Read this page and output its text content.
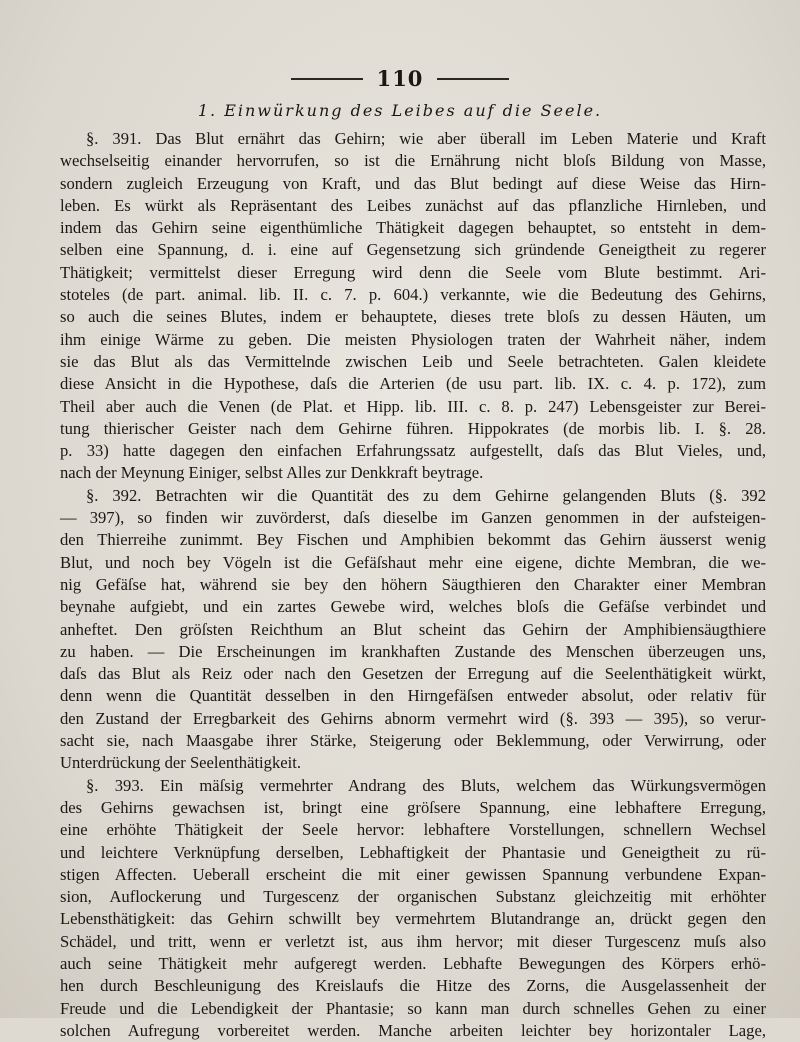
110
1. Einwürkung des Leibes auf die Seele.
§. 391. Das Blut ernährt das Gehirn; wie aber überall im Leben Materie und Kraft
wechselseitig einander hervorrufen, so ist die Ernährung nicht bloſs Bildung von Masse,
sondern zugleich Erzeugung von Kraft, und das Blut bedingt auf diese Weise das Hirn-
leben. Es würkt als Repräsentant des Leibes zunächst auf das pflanzliche Hirnleben, und
indem das Gehirn seine eigenthümliche Thätigkeit dagegen behauptet, so entsteht in dem-
selben eine Spannung, d. i. eine auf Gegensetzung sich gründende Geneigtheit zu regerer
Thätigkeit; vermittelst dieser Erregung wird denn die Seele vom Blute bestimmt. Ari-
stoteles (de part. animal. lib. II. c. 7. p. 604.) verkannte, wie die Bedeutung des Gehirns,
so auch die seines Blutes, indem er behauptete, dieses trete bloſs zu dessen Häuten, um
ihm einige Wärme zu geben. Die meisten Physiologen traten der Wahrheit näher, indem
sie das Blut als das Vermittelnde zwischen Leib und Seele betrachteten. Galen kleidete
diese Ansicht in die Hypothese, daſs die Arterien (de usu part. lib. IX. c. 4. p. 172), zum
Theil aber auch die Venen (de Plat. et Hipp. lib. III. c. 8. p. 247) Lebensgeister zur Berei-
tung thierischer Geister nach dem Gehirne führen. Hippokrates (de morbis lib. I. §. 28.
p. 33) hatte dagegen den einfachen Erfahrungssatz aufgestellt, daſs das Blut Vieles, und,
nach der Meynung Einiger, selbst Alles zur Denkkraft beytrage.
§. 392. Betrachten wir die Quantität des zu dem Gehirne gelangenden Bluts (§. 392
— 397), so finden wir zuvörderst, daſs dieselbe im Ganzen genommen in der aufsteigen-
den Thierreihe zunimmt. Bey Fischen und Amphibien bekommt das Gehirn äusserst wenig
Blut, und noch bey Vögeln ist die Gefäſshaut mehr eine eigene, dichte Membran, die we-
nig Gefäſse hat, während sie bey den höhern Säugthieren den Charakter einer Membran
beynahe aufgiebt, und ein zartes Gewebe wird, welches bloſs die Gefäſse verbindet und
anheftet. Den gröſsten Reichthum an Blut scheint das Gehirn der Amphibiensäugthiere
zu haben. — Die Erscheinungen im krankhaften Zustande des Menschen überzeugen uns,
daſs das Blut als Reiz oder nach den Gesetzen der Erregung auf die Seelenthätigkeit würkt,
denn wenn die Quantität desselben in den Hirngefäſsen entweder absolut, oder relativ für
den Zustand der Erregbarkeit des Gehirns abnorm vermehrt wird (§. 393 — 395), so verur-
sacht sie, nach Maasgabe ihrer Stärke, Steigerung oder Beklemmung, oder Verwirrung, oder
Unterdrückung der Seelenthätigkeit.
§. 393. Ein mäſsig vermehrter Andrang des Bluts, welchem das Würkungsvermögen
des Gehirns gewachsen ist, bringt eine gröſsere Spannung, eine lebhaftere Erregung,
eine erhöhte Thätigkeit der Seele hervor: lebhaftere Vorstellungen, schnellern Wechsel
und leichtere Verknüpfung derselben, Lebhaftigkeit der Phantasie und Geneigtheit zu rü-
stigen Affecten. Ueberall erscheint die mit einer gewissen Spannung verbundene Expan-
sion, Auflockerung und Turgescenz der organischen Substanz gleichzeitig mit erhöhter
Lebensthätigkeit: das Gehirn schwillt bey vermehrtem Blutandrange an, drückt gegen den
Schädel, und tritt, wenn er verletzt ist, aus ihm hervor; mit dieser Turgescenz muſs also
auch seine Thätigkeit mehr aufgeregt werden. Lebhafte Bewegungen des Körpers erhö-
hen durch Beschleunigung des Kreislaufs die Hitze des Zorns, die Ausgelassenheit der
Freude und die Lebendigkeit der Phantasie; so kann man durch schnelles Gehen zu einer
solchen Aufregung vorbereitet werden. Manche arbeiten leichter bey horizontaler Lage,
